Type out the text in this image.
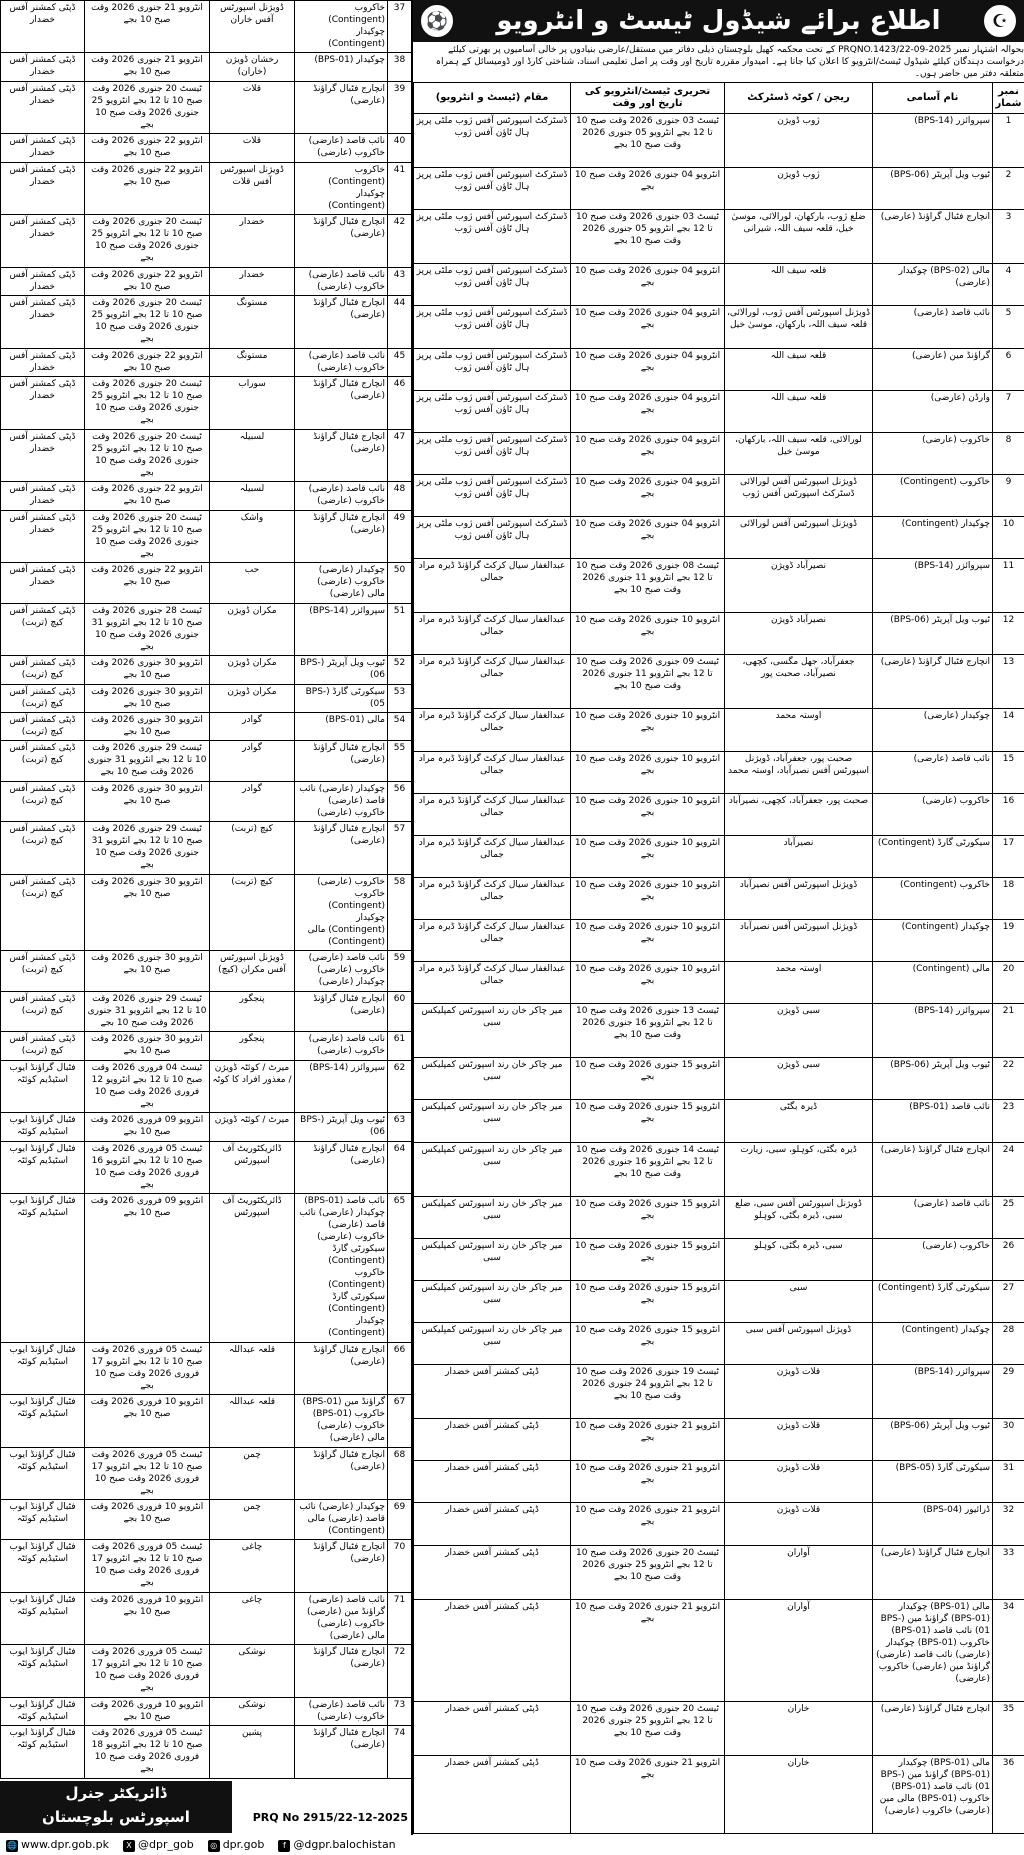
☪
اطلاع برائے شیڈول ٹیسٹ و انٹرویو
⚽
بحوالہ اشتہار نمبر PRQNO.1423/22-09-2025 کے تحت محکمہ کھیل بلوچستان ذیلی دفاتر میں مستقل/عارضی بنیادوں پر خالی آسامیوں پر بھرتی کیلئے درخواست دہندگان کیلئے شیڈول ٹیسٹ/انٹرویو کا اعلان کیا جاتا ہے۔ امیدوار مقررہ تاریخ اور وقت پر اصل تعلیمی اسناد، شناختی کارڈ اور ڈومیسائل کے ہمراہ متعلقہ دفتر میں حاضر ہوں۔
نمبر شمار	نام آسامی	ریجن / کوٹہ ڈسٹرکٹ	تحریری ٹیسٹ/انٹرویو کی تاریخ اور وقت	مقام (ٹیسٹ و انٹرویو)
1	سپروائزر (BPS-14)	ژوب ڈویژن	ٹیسٹ 03 جنوری 2026 وقت صبح 10 تا 12 بجے انٹرویو 05 جنوری 2026 وقت صبح 10 بجے	ڈسٹرکٹ اسپورٹس آفس ژوب ملٹی پرپز ہال ٹاؤن آفس ژوب
2	ٹیوب ویل آپریٹر (BPS-06)	ژوب ڈویژن	انٹرویو 04 جنوری 2026 وقت صبح 10 بجے	ڈسٹرکٹ اسپورٹس آفس ژوب ملٹی پرپز ہال ٹاؤن آفس ژوب
3	انچارج فٹبال گراؤنڈ (عارضی)	ضلع ژوب، بارکھان، لورالائی، موسیٰ خیل، قلعہ سیف اللہ، شیرانی	ٹیسٹ 03 جنوری 2026 وقت صبح 10 تا 12 بجے انٹرویو 05 جنوری 2026 وقت صبح 10 بجے	ڈسٹرکٹ اسپورٹس آفس ژوب ملٹی پرپز ہال ٹاؤن آفس ژوب
4	مالی (BPS-02) چوکیدار (عارضی)	قلعہ سیف اللہ	انٹرویو 04 جنوری 2026 وقت صبح 10 بجے	ڈسٹرکٹ اسپورٹس آفس ژوب ملٹی پرپز ہال ٹاؤن آفس ژوب
5	نائب قاصد (عارضی)	ڈویژنل اسپورٹس آفس ژوب، لورالائی، قلعہ سیف اللہ، بارکھان، موسیٰ خیل	انٹرویو 04 جنوری 2026 وقت صبح 10 بجے	ڈسٹرکٹ اسپورٹس آفس ژوب ملٹی پرپز ہال ٹاؤن آفس ژوب
6	گراؤنڈ مین (عارضی)	قلعہ سیف اللہ	انٹرویو 04 جنوری 2026 وقت صبح 10 بجے	ڈسٹرکٹ اسپورٹس آفس ژوب ملٹی پرپز ہال ٹاؤن آفس ژوب
7	وارڈن (عارضی)	قلعہ سیف اللہ	انٹرویو 04 جنوری 2026 وقت صبح 10 بجے	ڈسٹرکٹ اسپورٹس آفس ژوب ملٹی پرپز ہال ٹاؤن آفس ژوب
8	خاکروب (عارضی)	لورالائی، قلعہ سیف اللہ، بارکھان، موسیٰ خیل	انٹرویو 04 جنوری 2026 وقت صبح 10 بجے	ڈسٹرکٹ اسپورٹس آفس ژوب ملٹی پرپز ہال ٹاؤن آفس ژوب
9	خاکروب (Contingent)	ڈویژنل اسپورٹس آفس لورالائی ڈسٹرکٹ اسپورٹس آفس ژوب	انٹرویو 04 جنوری 2026 وقت صبح 10 بجے	ڈسٹرکٹ اسپورٹس آفس ژوب ملٹی پرپز ہال ٹاؤن آفس ژوب
10	چوکیدار (Contingent)	ڈویژنل اسپورٹس آفس لورالائی	انٹرویو 04 جنوری 2026 وقت صبح 10 بجے	ڈسٹرکٹ اسپورٹس آفس ژوب ملٹی پرپز ہال ٹاؤن آفس ژوب
11	سپروائزر (BPS-14)	نصیرآباد ڈویژن	ٹیسٹ 08 جنوری 2026 وقت صبح 10 تا 12 بجے انٹرویو 11 جنوری 2026 وقت صبح 10 بجے	عبدالغفار سیال کرکٹ گراؤنڈ ڈیرہ مراد جمالی
12	ٹیوب ویل آپریٹر (BPS-06)	نصیرآباد ڈویژن	انٹرویو 10 جنوری 2026 وقت صبح 10 بجے	عبدالغفار سیال کرکٹ گراؤنڈ ڈیرہ مراد جمالی
13	انچارج فٹبال گراؤنڈ (عارضی)	جعفرآباد، جھل مگسی، کچھی، نصیرآباد، صحبت پور	ٹیسٹ 09 جنوری 2026 وقت صبح 10 تا 12 بجے انٹرویو 11 جنوری 2026 وقت صبح 10 بجے	عبدالغفار سیال کرکٹ گراؤنڈ ڈیرہ مراد جمالی
14	چوکیدار (عارضی)	اوستہ محمد	انٹرویو 10 جنوری 2026 وقت صبح 10 بجے	عبدالغفار سیال کرکٹ گراؤنڈ ڈیرہ مراد جمالی
15	نائب قاصد (عارضی)	صحبت پور، جعفرآباد، ڈویژنل اسپورٹس آفس نصیرآباد، اوستہ محمد	انٹرویو 10 جنوری 2026 وقت صبح 10 بجے	عبدالغفار سیال کرکٹ گراؤنڈ ڈیرہ مراد جمالی
16	خاکروب (عارضی)	صحبت پور، جعفرآباد، کچھی، نصیرآباد	انٹرویو 10 جنوری 2026 وقت صبح 10 بجے	عبدالغفار سیال کرکٹ گراؤنڈ ڈیرہ مراد جمالی
17	سیکورٹی گارڈ (Contingent)	نصیرآباد	انٹرویو 10 جنوری 2026 وقت صبح 10 بجے	عبدالغفار سیال کرکٹ گراؤنڈ ڈیرہ مراد جمالی
18	خاکروب (Contingent)	ڈویژنل اسپورٹس آفس نصیرآباد	انٹرویو 10 جنوری 2026 وقت صبح 10 بجے	عبدالغفار سیال کرکٹ گراؤنڈ ڈیرہ مراد جمالی
19	چوکیدار (Contingent)	ڈویژنل اسپورٹس آفس نصیرآباد	انٹرویو 10 جنوری 2026 وقت صبح 10 بجے	عبدالغفار سیال کرکٹ گراؤنڈ ڈیرہ مراد جمالی
20	مالی (Contingent)	اوستہ محمد	انٹرویو 10 جنوری 2026 وقت صبح 10 بجے	عبدالغفار سیال کرکٹ گراؤنڈ ڈیرہ مراد جمالی
21	سپروائزر (BPS-14)	سبی ڈویژن	ٹیسٹ 13 جنوری 2026 وقت صبح 10 تا 12 بجے انٹرویو 16 جنوری 2026 وقت صبح 10 بجے	میر چاکر خان رند اسپورٹس کمپلیکس سبی
22	ٹیوب ویل آپریٹر (BPS-06)	سبی ڈویژن	انٹرویو 15 جنوری 2026 وقت صبح 10 بجے	میر چاکر خان رند اسپورٹس کمپلیکس سبی
23	نائب قاصد (BPS-01)	ڈیرہ بگٹی	انٹرویو 15 جنوری 2026 وقت صبح 10 بجے	میر چاکر خان رند اسپورٹس کمپلیکس سبی
24	انچارج فٹبال گراؤنڈ (عارضی)	ڈیرہ بگٹی، کوہلو، سبی، زیارت	ٹیسٹ 14 جنوری 2026 وقت صبح 10 تا 12 بجے انٹرویو 16 جنوری 2026 وقت صبح 10 بجے	میر چاکر خان رند اسپورٹس کمپلیکس سبی
25	نائب قاصد (عارضی)	ڈویژنل اسپورٹس آفس سبی، ضلع سبی، ڈیرہ بگٹی، کوہلو	انٹرویو 15 جنوری 2026 وقت صبح 10 بجے	میر چاکر خان رند اسپورٹس کمپلیکس سبی
26	خاکروب (عارضی)	سبی، ڈیرہ بگٹی، کوہلو	انٹرویو 15 جنوری 2026 وقت صبح 10 بجے	میر چاکر خان رند اسپورٹس کمپلیکس سبی
27	سیکورٹی گارڈ (Contingent)	سبی	انٹرویو 15 جنوری 2026 وقت صبح 10 بجے	میر چاکر خان رند اسپورٹس کمپلیکس سبی
28	چوکیدار (Contingent)	ڈویژنل اسپورٹس آفس سبی	انٹرویو 15 جنوری 2026 وقت صبح 10 بجے	میر چاکر خان رند اسپورٹس کمپلیکس سبی
29	سپروائزر (BPS-14)	قلات ڈویژن	ٹیسٹ 19 جنوری 2026 وقت صبح 10 تا 12 بجے انٹرویو 24 جنوری 2026 وقت صبح 10 بجے	ڈپٹی کمشنر آفس خضدار
30	ٹیوب ویل آپریٹر (BPS-06)	قلات ڈویژن	انٹرویو 21 جنوری 2026 وقت صبح 10 بجے	ڈپٹی کمشنر آفس خضدار
31	سیکورٹی گارڈ (BPS-05)	قلات ڈویژن	انٹرویو 21 جنوری 2026 وقت صبح 10 بجے	ڈپٹی کمشنر آفس خضدار
32	ڈرائیور (BPS-04)	قلات ڈویژن	انٹرویو 21 جنوری 2026 وقت صبح 10 بجے	ڈپٹی کمشنر آفس خضدار
33	انچارج فٹبال گراؤنڈ (عارضی)	آواران	ٹیسٹ 20 جنوری 2026 وقت صبح 10 تا 12 بجے انٹرویو 25 جنوری 2026 وقت صبح 10 بجے	ڈپٹی کمشنر آفس خضدار
34	مالی (BPS-01) چوکیدار (BPS-01) گراؤنڈ مین (BPS-01) نائب قاصد (BPS-01) خاکروب (BPS-01) چوکیدار (عارضی) نائب قاصد (عارضی) گراؤنڈ مین (عارضی) خاکروب (عارضی)	آواران	انٹرویو 21 جنوری 2026 وقت صبح 10 بجے	ڈپٹی کمشنر آفس خضدار
35	انچارج فٹبال گراؤنڈ (عارضی)	خاران	ٹیسٹ 20 جنوری 2026 وقت صبح 10 تا 12 بجے انٹرویو 25 جنوری 2026 وقت صبح 10 بجے	ڈپٹی کمشنر آفس خضدار
36	مالی (BPS-01) چوکیدار (BPS-01) گراؤنڈ مین (BPS-01) نائب قاصد (BPS-01) خاکروب (BPS-01) مالی مین (عارضی) خاکروب (عارضی)	خاران	انٹرویو 21 جنوری 2026 وقت صبح 10 بجے	ڈپٹی کمشنر آفس خضدار
37	خاکروب (Contingent) چوکیدار (Contingent)	ڈویژنل اسپورٹس آفس خاران	انٹرویو 21 جنوری 2026 وقت صبح 10 بجے	ڈپٹی کمشنر آفس خضدار
38	چوکیدار (BPS-01)	رخشان ڈویژن (خاران)	انٹرویو 21 جنوری 2026 وقت صبح 10 بجے	ڈپٹی کمشنر آفس خضدار
39	انچارج فٹبال گراؤنڈ (عارضی)	قلات	ٹیسٹ 20 جنوری 2026 وقت صبح 10 تا 12 بجے انٹرویو 25 جنوری 2026 وقت صبح 10 بجے	ڈپٹی کمشنر آفس خضدار
40	نائب قاصد (عارضی) خاکروب (عارضی)	قلات	انٹرویو 22 جنوری 2026 وقت صبح 10 بجے	ڈپٹی کمشنر آفس خضدار
41	خاکروب (Contingent) چوکیدار (Contingent)	ڈویژنل اسپورٹس آفس قلات	انٹرویو 22 جنوری 2026 وقت صبح 10 بجے	ڈپٹی کمشنر آفس خضدار
42	انچارج فٹبال گراؤنڈ (عارضی)	خضدار	ٹیسٹ 20 جنوری 2026 وقت صبح 10 تا 12 بجے انٹرویو 25 جنوری 2026 وقت صبح 10 بجے	ڈپٹی کمشنر آفس خضدار
43	نائب قاصد (عارضی) خاکروب (عارضی)	خضدار	انٹرویو 22 جنوری 2026 وقت صبح 10 بجے	ڈپٹی کمشنر آفس خضدار
44	انچارج فٹبال گراؤنڈ (عارضی)	مستونگ	ٹیسٹ 20 جنوری 2026 وقت صبح 10 تا 12 بجے انٹرویو 25 جنوری 2026 وقت صبح 10 بجے	ڈپٹی کمشنر آفس خضدار
45	نائب قاصد (عارضی) خاکروب (عارضی)	مستونگ	انٹرویو 22 جنوری 2026 وقت صبح 10 بجے	ڈپٹی کمشنر آفس خضدار
46	انچارج فٹبال گراؤنڈ (عارضی)	سوراب	ٹیسٹ 20 جنوری 2026 وقت صبح 10 تا 12 بجے انٹرویو 25 جنوری 2026 وقت صبح 10 بجے	ڈپٹی کمشنر آفس خضدار
47	انچارج فٹبال گراؤنڈ (عارضی)	لسبیلہ	ٹیسٹ 20 جنوری 2026 وقت صبح 10 تا 12 بجے انٹرویو 25 جنوری 2026 وقت صبح 10 بجے	ڈپٹی کمشنر آفس خضدار
48	نائب قاصد (عارضی) خاکروب (عارضی)	لسبیلہ	انٹرویو 22 جنوری 2026 وقت صبح 10 بجے	ڈپٹی کمشنر آفس خضدار
49	انچارج فٹبال گراؤنڈ (عارضی)	واشک	ٹیسٹ 20 جنوری 2026 وقت صبح 10 تا 12 بجے انٹرویو 25 جنوری 2026 وقت صبح 10 بجے	ڈپٹی کمشنر آفس خضدار
50	چوکیدار (عارضی) خاکروب (عارضی) مالی (عارضی)	حب	انٹرویو 22 جنوری 2026 وقت صبح 10 بجے	ڈپٹی کمشنر آفس خضدار
51	سپروائزر (BPS-14)	مکران ڈویژن	ٹیسٹ 28 جنوری 2026 وقت صبح 10 تا 12 بجے انٹرویو 31 جنوری 2026 وقت صبح 10 بجے	ڈپٹی کمشنر آفس کیچ (تربت)
52	ٹیوب ویل آپریٹر (BPS-06)	مکران ڈویژن	انٹرویو 30 جنوری 2026 وقت صبح 10 بجے	ڈپٹی کمشنر آفس کیچ (تربت)
53	سیکورٹی گارڈ (BPS-05)	مکران ڈویژن	انٹرویو 30 جنوری 2026 وقت صبح 10 بجے	ڈپٹی کمشنر آفس کیچ (تربت)
54	مالی (BPS-01)	گوادر	انٹرویو 30 جنوری 2026 وقت صبح 10 بجے	ڈپٹی کمشنر آفس کیچ (تربت)
55	انچارج فٹبال گراؤنڈ (عارضی)	گوادر	ٹیسٹ 29 جنوری 2026 وقت 10 تا 12 بجے انٹرویو 31 جنوری 2026 وقت صبح 10 بجے	ڈپٹی کمشنر آفس کیچ (تربت)
56	چوکیدار (عارضی) نائب قاصد (عارضی) خاکروب (عارضی)	گوادر	انٹرویو 30 جنوری 2026 وقت صبح 10 بجے	ڈپٹی کمشنر آفس کیچ (تربت)
57	انچارج فٹبال گراؤنڈ (عارضی)	کیچ (تربت)	ٹیسٹ 29 جنوری 2026 وقت صبح 10 تا 12 بجے انٹرویو 31 جنوری 2026 وقت صبح 10 بجے	ڈپٹی کمشنر آفس کیچ (تربت)
58	خاکروب (عارضی) خاکروب (Contingent) چوکیدار (Contingent) مالی (Contingent)	کیچ (تربت)	انٹرویو 30 جنوری 2026 وقت صبح 10 بجے	ڈپٹی کمشنر آفس کیچ (تربت)
59	نائب قاصد (عارضی) خاکروب (عارضی) چوکیدار (عارضی)	ڈویژنل اسپورٹس آفس مکران (کیچ)	انٹرویو 30 جنوری 2026 وقت صبح 10 بجے	ڈپٹی کمشنر آفس کیچ (تربت)
60	انچارج فٹبال گراؤنڈ (عارضی)	پنجگور	ٹیسٹ 29 جنوری 2026 وقت 10 تا 12 بجے انٹرویو 31 جنوری 2026 وقت صبح 10 بجے	ڈپٹی کمشنر آفس کیچ (تربت)
61	نائب قاصد (عارضی) خاکروب (عارضی)	پنجگور	انٹرویو 30 جنوری 2026 وقت صبح 10 بجے	ڈپٹی کمشنر آفس کیچ (تربت)
62	سپروائزر (BPS-14)	میرٹ / کوئٹہ ڈویژن / معذور افراد کا کوٹہ	ٹیسٹ 04 فروری 2026 وقت صبح 10 تا 12 بجے انٹرویو 12 فروری 2026 وقت صبح 10 بجے	فٹبال گراؤنڈ ایوب اسٹیڈیم کوئٹہ
63	ٹیوب ویل آپریٹر (BPS-06)	میرٹ / کوئٹہ ڈویژن	انٹرویو 09 فروری 2026 وقت صبح 10 بجے	فٹبال گراؤنڈ ایوب اسٹیڈیم کوئٹہ
64	انچارج فٹبال گراؤنڈ (عارضی)	ڈائریکٹوریٹ آف اسپورٹس	ٹیسٹ 05 فروری 2026 وقت صبح 10 تا 12 بجے انٹرویو 16 فروری 2026 وقت صبح 10 بجے	فٹبال گراؤنڈ ایوب اسٹیڈیم کوئٹہ
65	نائب قاصد (BPS-01) چوکیدار (عارضی) نائب قاصد (عارضی) خاکروب (عارضی) سیکورٹی گارڈ (Contingent) خاکروب (Contingent) سیکورٹی گارڈ (Contingent) چوکیدار (Contingent)	ڈائریکٹوریٹ آف اسپورٹس	انٹرویو 09 فروری 2026 وقت صبح 10 بجے	فٹبال گراؤنڈ ایوب اسٹیڈیم کوئٹہ
66	انچارج فٹبال گراؤنڈ (عارضی)	قلعہ عبداللہ	ٹیسٹ 05 فروری 2026 وقت صبح 10 تا 12 بجے انٹرویو 17 فروری 2026 وقت صبح 10 بجے	فٹبال گراؤنڈ ایوب اسٹیڈیم کوئٹہ
67	گراؤنڈ مین (BPS-01) خاکروب (BPS-01) خاکروب (عارضی) مالی (عارضی)	قلعہ عبداللہ	انٹرویو 10 فروری 2026 وقت صبح 10 بجے	فٹبال گراؤنڈ ایوب اسٹیڈیم کوئٹہ
68	انچارج فٹبال گراؤنڈ (عارضی)	چمن	ٹیسٹ 05 فروری 2026 وقت صبح 10 تا 12 بجے انٹرویو 17 فروری 2026 وقت صبح 10 بجے	فٹبال گراؤنڈ ایوب اسٹیڈیم کوئٹہ
69	چوکیدار (عارضی) نائب قاصد (عارضی) مالی (Contingent)	چمن	انٹرویو 10 فروری 2026 وقت صبح 10 بجے	فٹبال گراؤنڈ ایوب اسٹیڈیم کوئٹہ
70	انچارج فٹبال گراؤنڈ (عارضی)	چاغی	ٹیسٹ 05 فروری 2026 وقت صبح 10 تا 12 بجے انٹرویو 17 فروری 2026 وقت صبح 10 بجے	فٹبال گراؤنڈ ایوب اسٹیڈیم کوئٹہ
71	نائب قاصد (عارضی) گراؤنڈ مین (عارضی) خاکروب (عارضی) مالی (عارضی)	چاغی	انٹرویو 10 فروری 2026 وقت صبح 10 بجے	فٹبال گراؤنڈ ایوب اسٹیڈیم کوئٹہ
72	انچارج فٹبال گراؤنڈ (عارضی)	نوشکی	ٹیسٹ 05 فروری 2026 وقت صبح 10 تا 12 بجے انٹرویو 17 فروری 2026 وقت صبح 10 بجے	فٹبال گراؤنڈ ایوب اسٹیڈیم کوئٹہ
73	نائب قاصد (عارضی) خاکروب (عارضی)	نوشکی	انٹرویو 10 فروری 2026 وقت صبح 10 بجے	فٹبال گراؤنڈ ایوب اسٹیڈیم کوئٹہ
74	انچارج فٹبال گراؤنڈ (عارضی)	پشین	ٹیسٹ 05 فروری 2026 وقت صبح 10 تا 12 بجے انٹرویو 18 فروری 2026 وقت صبح 10 بجے	فٹبال گراؤنڈ ایوب اسٹیڈیم کوئٹہ
ڈائریکٹر جنرل
اسپورٹس بلوچستان	PRQ No 2915/22-12-2025
🌐 www.dpr.gob.pk	X @dpr_gob	◎ dpr.gob	f @dgpr.balochistan
